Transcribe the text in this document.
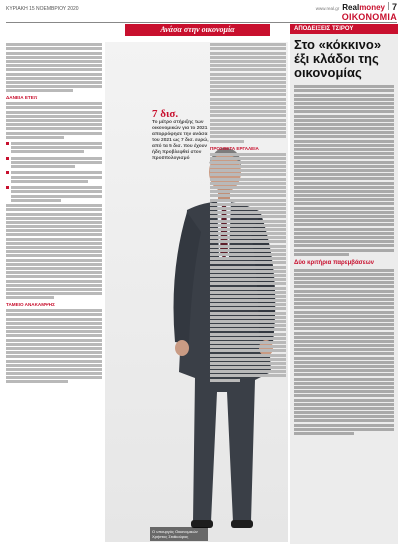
ΚΥΡΙΑΚΗ 15 ΝΟΕΜΒΡΙΟΥ 2020	www.real.gr Realmoney 7
ΟΙΚΟΝΟΜΙΑ
Ανάσα στην οικονομία
ΔΑΝΕΙΑ ΕΤΕπ
ΤΑΜΕΙΟ ΑΝΑΚΑΜΨΗΣ
7 δισ.
Το μέτρο στήριξης των οικονομικών για το 2021 απορρόφησε την ανάσα του 2021 ως 7 δισ. ευρώ, από τα 5 δισ. που έχουν ήδη προβλεφθεί στον προϋπολογισμό
Ο υπουργός Οικονομικών Χρήστος Σταϊκούρας
ΠΡΟΣΘΕΤΑ ΕΡΓΑΛΕΙΑ
ΑΠΟΔΕΙΞΕΙΣ ΤΣΙΡΟΥ
Στο «κόκκινο» έξι κλάδοι της οικονομίας
Δύο κριτήρια παρεμβάσεων
